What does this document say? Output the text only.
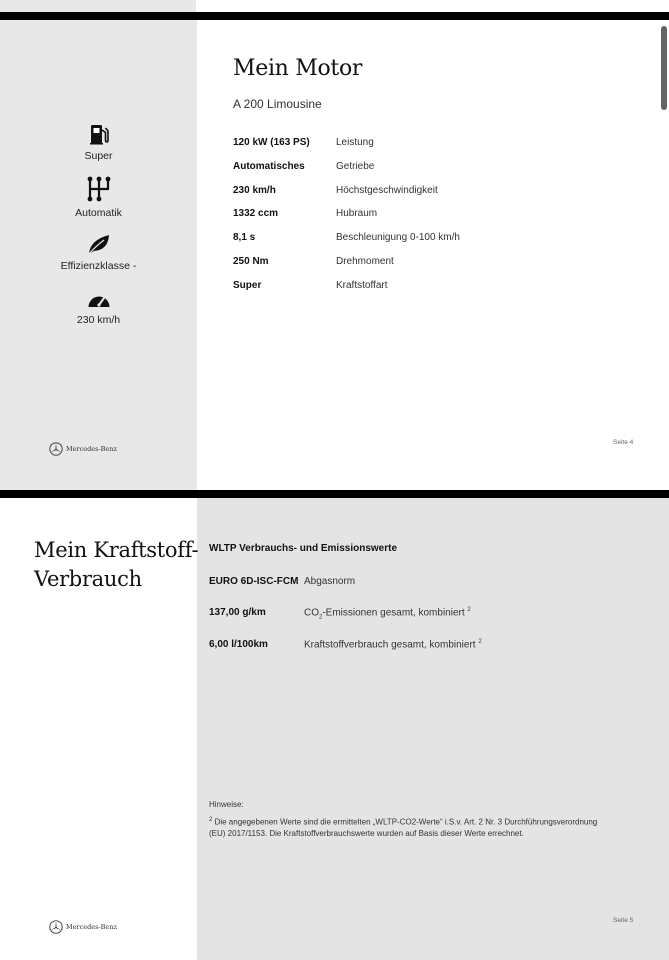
Super
Automatik
Effizienzklasse -
230 km/h
Mein Motor
A 200 Limousine
120 kW (163 PS)	Leistung
Automatisches	Getriebe
230 km/h	Höchstgeschwindigkeit
1332 ccm	Hubraum
8,1 s	Beschleunigung 0-100 km/h
250 Nm	Drehmoment
Super	Kraftstoffart
Mercedes-Benz
Seite 4
Mein Kraftstoff-
Verbrauch
WLTP Verbrauchs- und Emissionswerte
EURO 6D-ISC-FCM Abgasnorm
137,00 g/km	$CO_2$-Emissionen gesamt, kombiniert $^2$
6,00 l/100km	Kraftstoffverbrauch gesamt, kombiniert $^2$
Hinweise:
$^2$ Die angegebenen Werte sind die ermittelten „WLTP-CO2-Werte“ i.S.v. Art. 2 Nr. 3 Durchführungsverordnung (EU) 2017/1153. Die Kraftstoffverbrauchswerte wurden auf Basis dieser Werte errechnet.
Mercedes-Benz
Seite 5
